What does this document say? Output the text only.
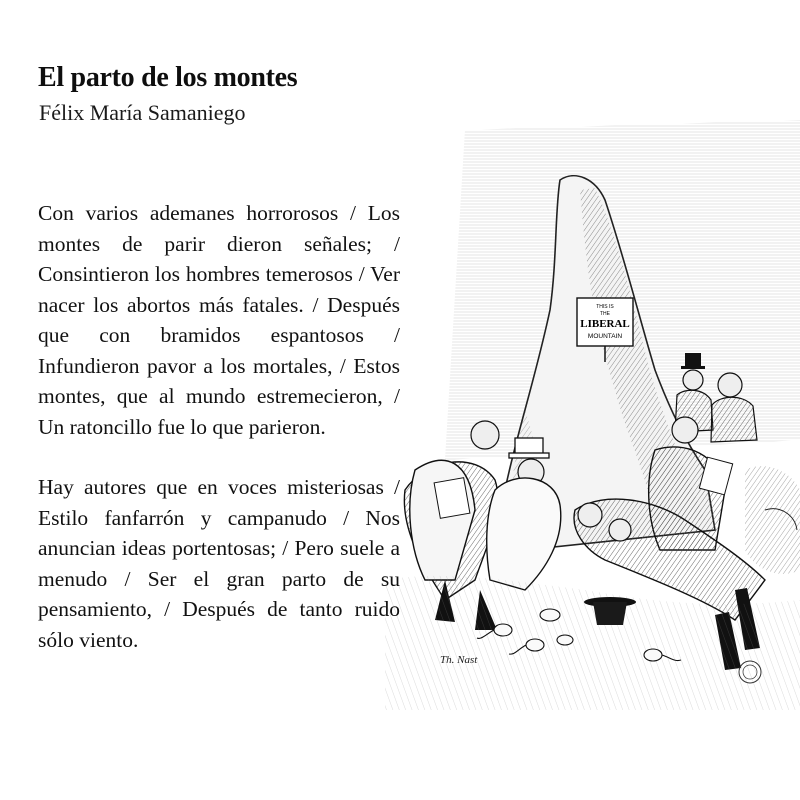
El parto de los montes
Félix María Samaniego

Con varios ademanes horrorosos / Los montes de parir dieron señales; / Consintieron los hombres temerosos / Ver nacer los abortos más fatales. / Después que con bramidos espantosos / Infundieron pavor a los mortales, / Estos montes, que al mundo estremecieron, / Un ratoncillo fue lo que parieron.

Hay autores que en voces misteriosas / Estilo fanfarrón y campanudo / Nos anuncian ideas portentosas; / Pero suele a menudo / Ser el gran parto de su pensamiento, / Después de tanto ruido sólo viento.

THIS IS
THE
LIBERAL
MOUNTAIN
Th. Nast
